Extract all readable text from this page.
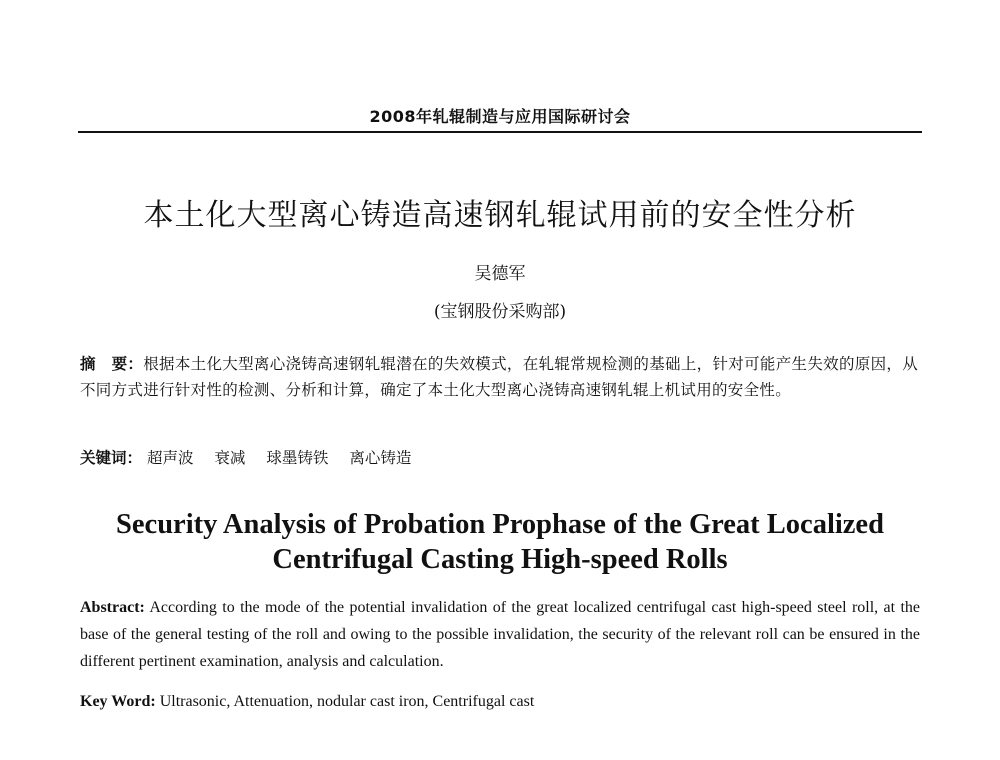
2008年轧辊制造与应用国际研讨会
本土化大型离心铸造高速钢轧辊试用前的安全性分析
吴德军
(宝钢股份采购部)
摘　要：根据本土化大型离心浇铸高速钢轧辊潜在的失效模式，在轧辊常规检测的基础上，针对可能产生失效的原因，从不同方式进行针对性的检测、分析和计算，确定了本土化大型离心浇铸高速钢轧辊上机试用的安全性。
关键词： 超声波 衰减 球墨铸铁 离心铸造
Security Analysis of Probation Prophase of the Great Localized
Centrifugal Casting High-speed Rolls
Abstract: According to the mode of the potential invalidation of the great localized centrifugal cast high-speed steel roll, at the base of the general testing of the roll and owing to the possible invalidation, the security of the relevant roll can be ensured in the different pertinent examination, analysis and calculation.
Key Word: Ultrasonic, Attenuation, nodular cast iron, Centrifugal cast
